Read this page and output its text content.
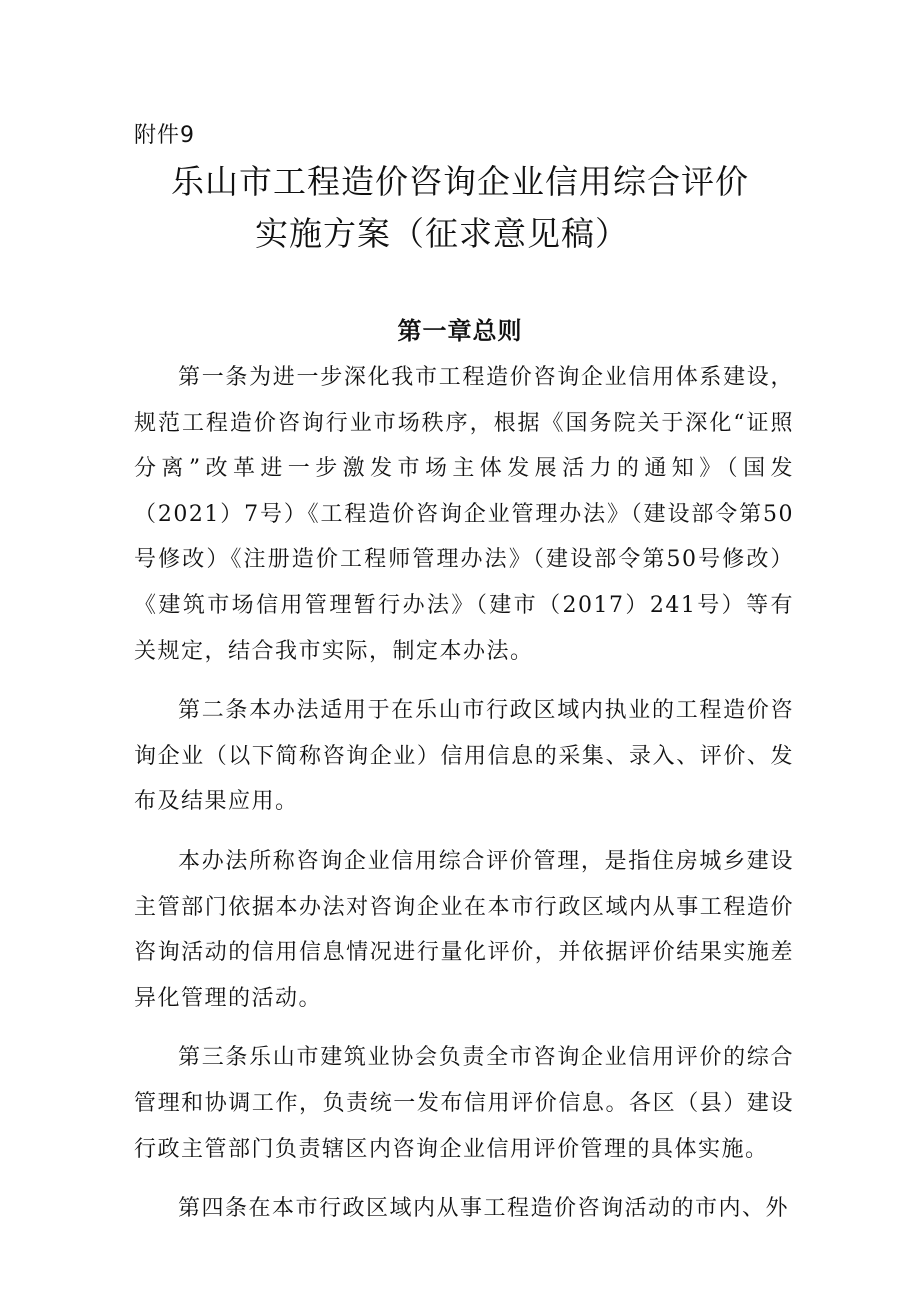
附件9
乐山市工程造价咨询企业信用综合评价
实施方案（征求意见稿）
第一章总则

第一条为进一步深化我市工程造价咨询企业信用体系建设，规范工程造价咨询行业市场秩序，根据《国务院关于深化“证照分离”改革进一步激发市场主体发展活力的通知》（国发（2021）7号）《工程造价咨询企业管理办法》（建设部令第50号修改）《注册造价工程师管理办法》（建设部令第50号修改）《建筑市场信用管理暂行办法》（建市（2017）241号）等有关规定，结合我市实际，制定本办法。

第二条本办法适用于在乐山市行政区域内执业的工程造价咨询企业（以下简称咨询企业）信用信息的采集、录入、评价、发布及结果应用。

本办法所称咨询企业信用综合评价管理，是指住房城乡建设主管部门依据本办法对咨询企业在本市行政区域内从事工程造价咨询活动的信用信息情况进行量化评价，并依据评价结果实施差异化管理的活动。

第三条乐山市建筑业协会负责全市咨询企业信用评价的综合管理和协调工作，负责统一发布信用评价信息。各区（县）建设行政主管部门负责辖区内咨询企业信用评价管理的具体实施。

第四条在本市行政区域内从事工程造价咨询活动的市内、外
